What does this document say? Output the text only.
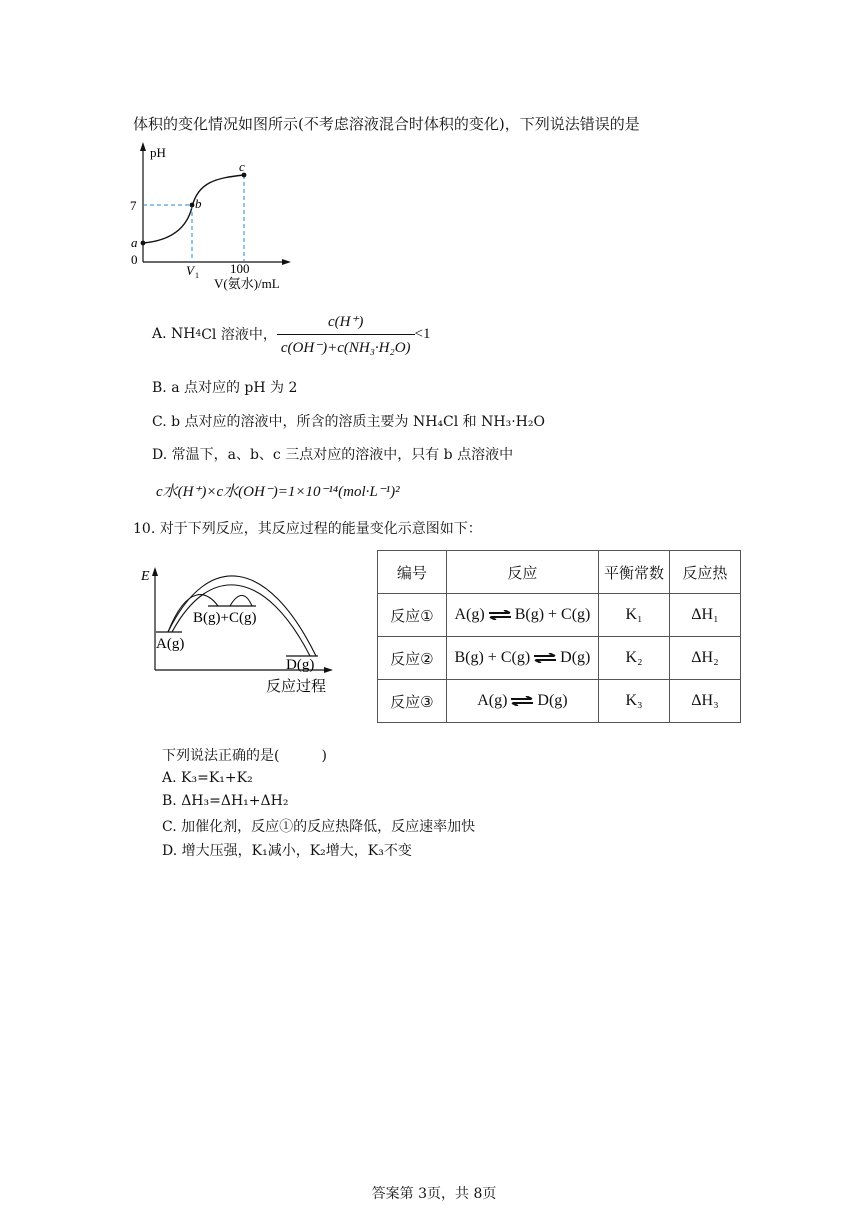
体积的变化情况如图所示(不考虑溶液混合时体积的变化)，下列说法错误的是
pH
7
a
0
b
c
V 1 100
V(氨水)/mL
A. NH 4 Cl 溶液中， $\frac{c(H^+)}{\text{c(OH⁻)+c(NH₃·H₂O)}} <1$
B. a 点对应的 pH 为 2
C. b 点对应的溶液中，所含的溶质主要为 NH₄Cl 和 NH₃·H₂O
D. 常温下，a、b、c 三点对应的溶液中，只有 b 点溶液中
c水(H⁺)×c水(OH⁻)=1×10⁻¹⁴(mol·L⁻¹)²
10. 对于下列反应，其反应过程的能量变化示意图如下：
E
A(g)
B(g)+C(g)
D(g)
反应过程
编号	反应	平衡常数	反应热
反应①	A(g) ⇌ B(g) + C(g)	K₁	ΔH₁
反应②	B(g) + C(g) ⇌ D(g)	K₂	ΔH₂
反应③	A(g) ⇌ D(g)	K₃	ΔH₃
下列说法正确的是(　　　)
A. K₃=K₁+K₂
B. ΔH₃=ΔH₁+ΔH₂
C. 加催化剂，反应①的反应热降低，反应速率加快
D. 增大压强，K₁减小，K₂增大，K₃不变
答案第 3页，共 8页
